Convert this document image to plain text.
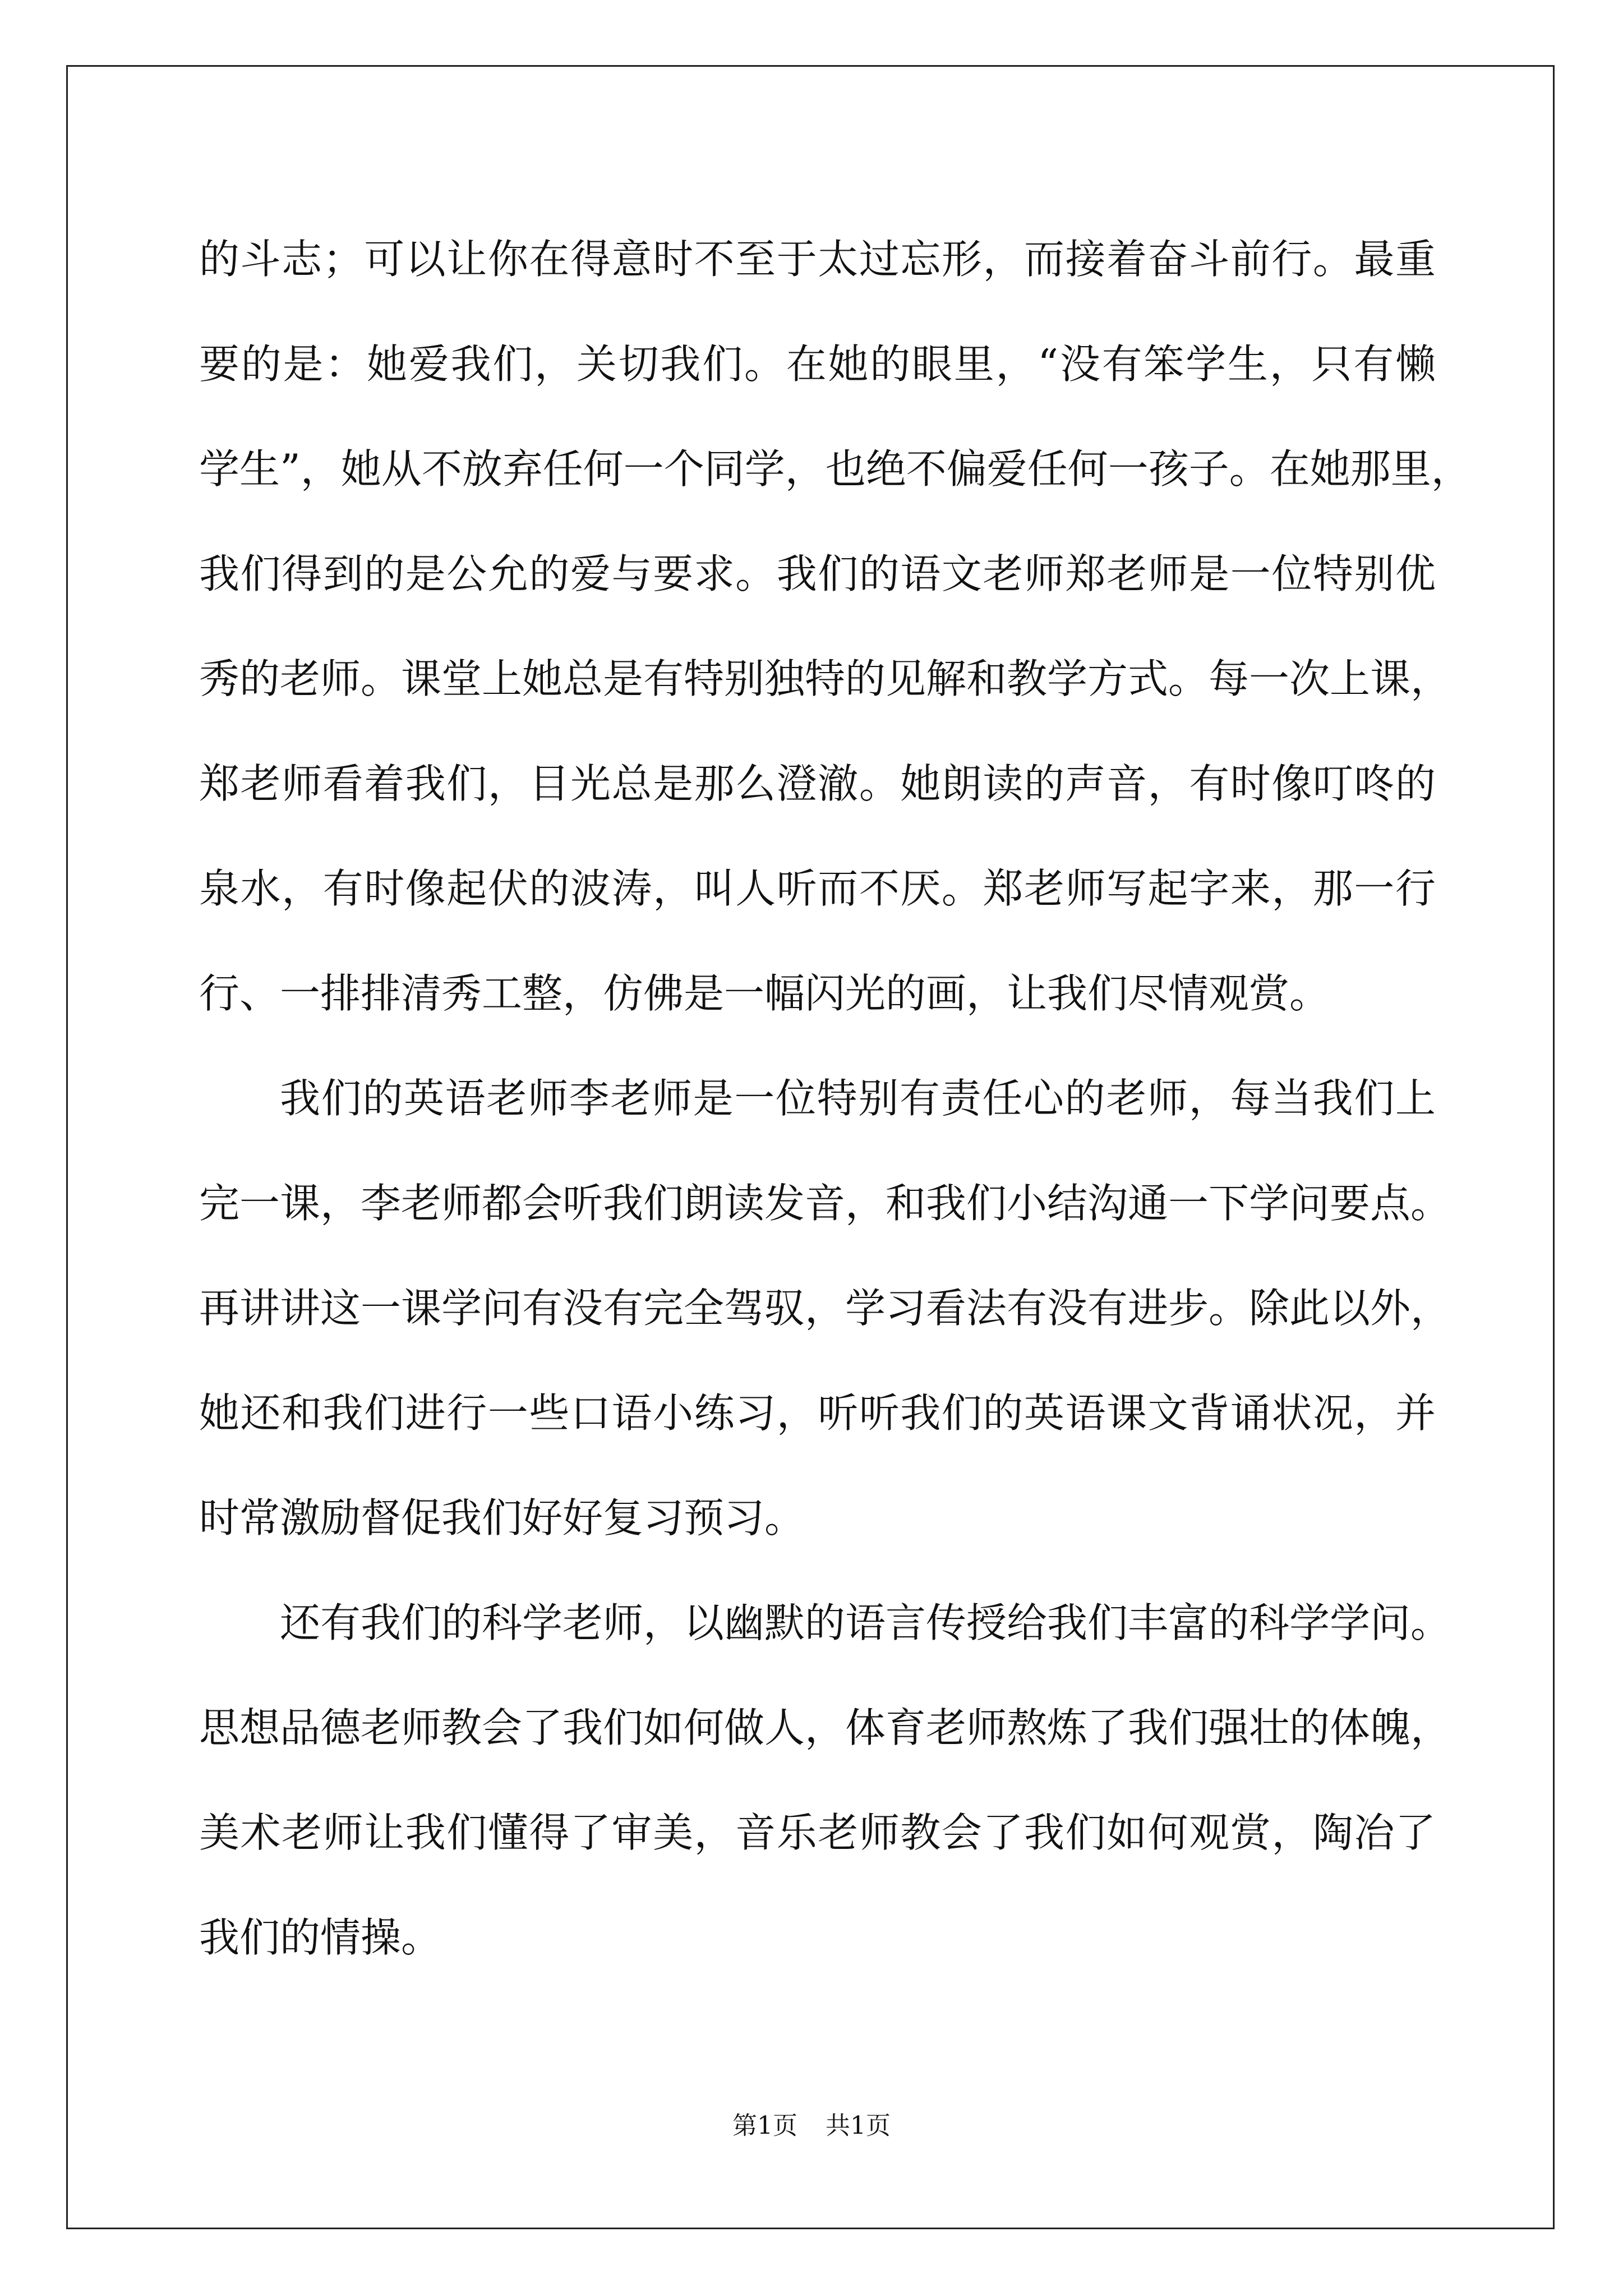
的斗志；可以让你在得意时不至于太过忘形，而接着奋斗前行。最重
要的是：她爱我们，关切我们。在她的眼里，“没有笨学生，只有懒
学生”，她从不放弃任何一个同学，也绝不偏爱任何一孩子。在她那里，
我们得到的是公允的爱与要求。我们的语文老师郑老师是一位特别优
秀的老师。课堂上她总是有特别独特的见解和教学方式。每一次上课，
郑老师看着我们，目光总是那么澄澈。她朗读的声音，有时像叮咚的
泉水，有时像起伏的波涛，叫人听而不厌。郑老师写起字来，那一行
行、一排排清秀工整，仿佛是一幅闪光的画，让我们尽情观赏。
我们的英语老师李老师是一位特别有责任心的老师，每当我们上
完一课，李老师都会听我们朗读发音，和我们小结沟通一下学问要点。
再讲讲这一课学问有没有完全驾驭，学习看法有没有进步。除此以外，
她还和我们进行一些口语小练习，听听我们的英语课文背诵状况，并
时常激励督促我们好好复习预习。
还有我们的科学老师，以幽默的语言传授给我们丰富的科学学问。
思想品德老师教会了我们如何做人，体育老师熬炼了我们强壮的体魄，
美术老师让我们懂得了审美，音乐老师教会了我们如何观赏，陶冶了
我们的情操。
第1页 共1页
